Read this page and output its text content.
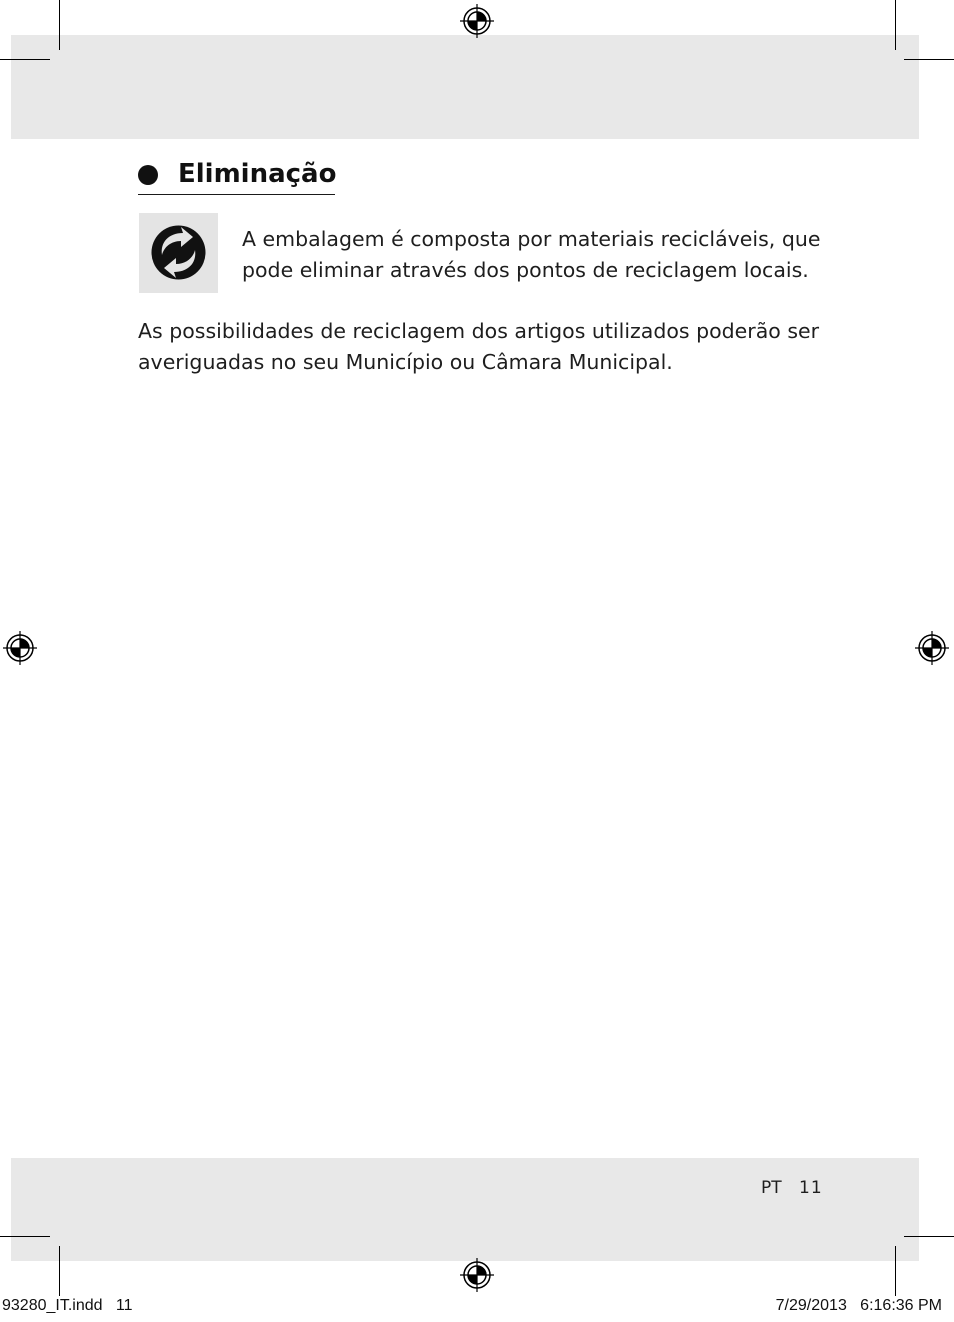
Eliminação

A embalagem é composta por materiais recicláveis, que pode eliminar através dos pontos de reciclagem locais.

As possibilidades de reciclagem dos artigos utilizados poderão ser averiguadas no seu Município ou Câmara Municipal.

PT 11
93280_IT.indd   11	7/29/2013   6:16:36 PM
